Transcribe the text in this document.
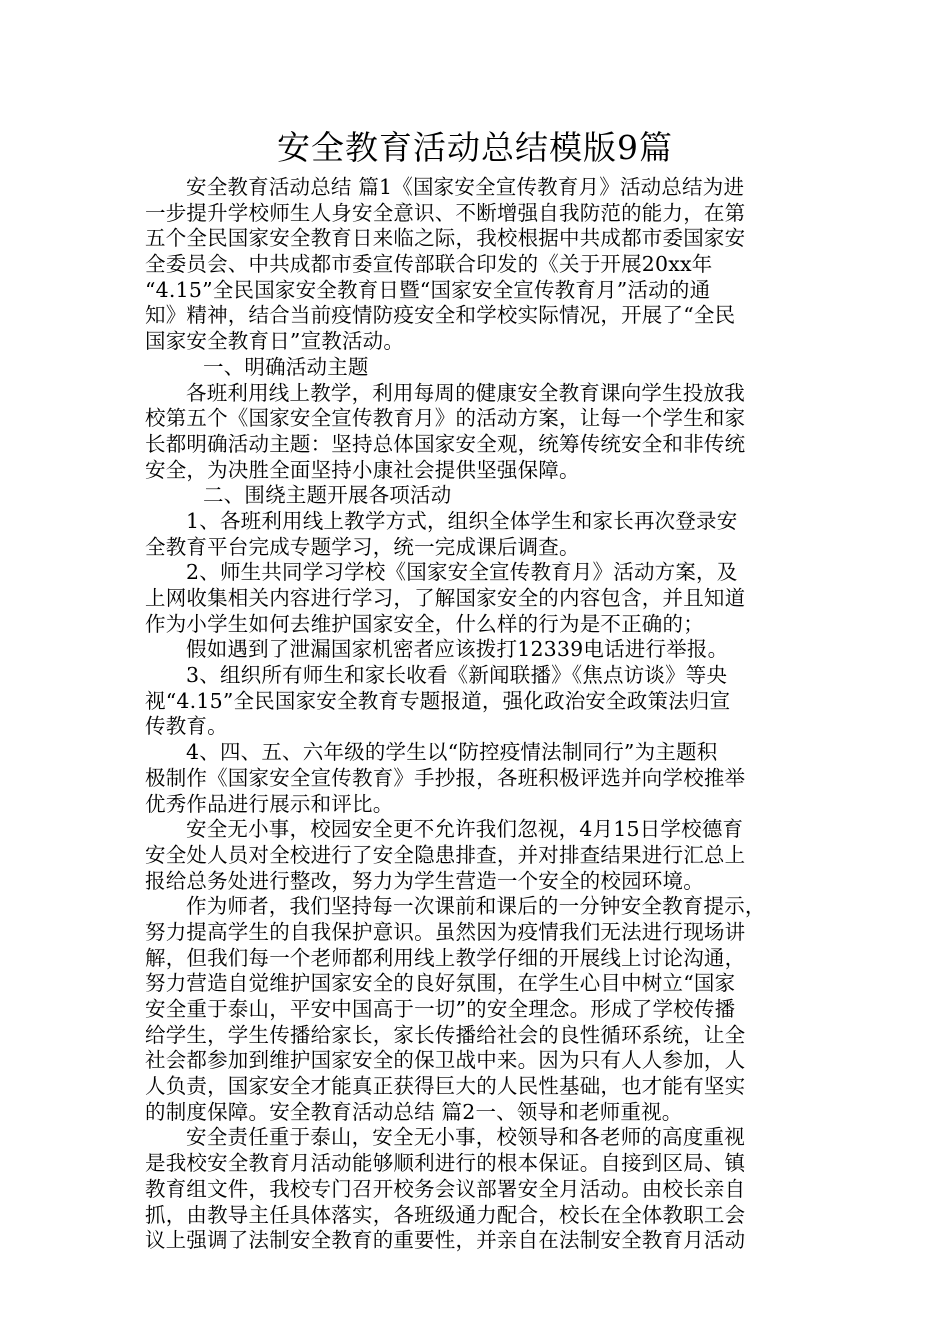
安全教育活动总结模版9篇
安全教育活动总结 篇1《国家安全宣传教育月》活动总结为进
一步提升学校师生人身安全意识、不断增强自我防范的能力，在第
五个全民国家安全教育日来临之际，我校根据中共成都市委国家安
全委员会、中共成都市委宣传部联合印发的《关于开展20xx年
“4.15”全民国家安全教育日暨“国家安全宣传教育月”活动的通
知》精神，结合当前疫情防疫安全和学校实际情况，开展了“全民
国家安全教育日”宣教活动。
一、明确活动主题
各班利用线上教学，利用每周的健康安全教育课向学生投放我
校第五个《国家安全宣传教育月》的活动方案，让每一个学生和家
长都明确活动主题：坚持总体国家安全观，统筹传统安全和非传统
安全，为决胜全面坚持小康社会提供坚强保障。
二、围绕主题开展各项活动
1、各班利用线上教学方式，组织全体学生和家长再次登录安
全教育平台完成专题学习，统一完成课后调查。
2、师生共同学习学校《国家安全宣传教育月》活动方案，及
上网收集相关内容进行学习，了解国家安全的内容包含，并且知道
作为小学生如何去维护国家安全，什么样的行为是不正确的；
假如遇到了泄漏国家机密者应该拨打12339电话进行举报。
3、组织所有师生和家长收看《新闻联播》《焦点访谈》等央
视“4.15”全民国家安全教育专题报道，强化政治安全政策法归宣
传教育。
4、四、五、六年级的学生以“防控疫情法制同行”为主题积
极制作《国家安全宣传教育》手抄报，各班积极评选并向学校推举
优秀作品进行展示和评比。
安全无小事，校园安全更不允许我们忽视，4月15日学校德育
安全处人员对全校进行了安全隐患排查，并对排查结果进行汇总上
报给总务处进行整改，努力为学生营造一个安全的校园环境。
作为师者，我们坚持每一次课前和课后的一分钟安全教育提示，
努力提高学生的自我保护意识。虽然因为疫情我们无法进行现场讲
解，但我们每一个老师都利用线上教学仔细的开展线上讨论沟通，
努力营造自觉维护国家安全的良好氛围，在学生心目中树立“国家
安全重于泰山，平安中国高于一切”的安全理念。形成了学校传播
给学生，学生传播给家长，家长传播给社会的良性循环系统，让全
社会都参加到维护国家安全的保卫战中来。因为只有人人参加，人
人负责，国家安全才能真正获得巨大的人民性基础，也才能有坚实
的制度保障。安全教育活动总结 篇2一、领导和老师重视。
安全责任重于泰山，安全无小事，校领导和各老师的高度重视
是我校安全教育月活动能够顺利进行的根本保证。自接到区局、镇
教育组文件，我校专门召开校务会议部署安全月活动。由校长亲自
抓，由教导主任具体落实，各班级通力配合，校长在全体教职工会
议上强调了法制安全教育的重要性，并亲自在法制安全教育月活动
